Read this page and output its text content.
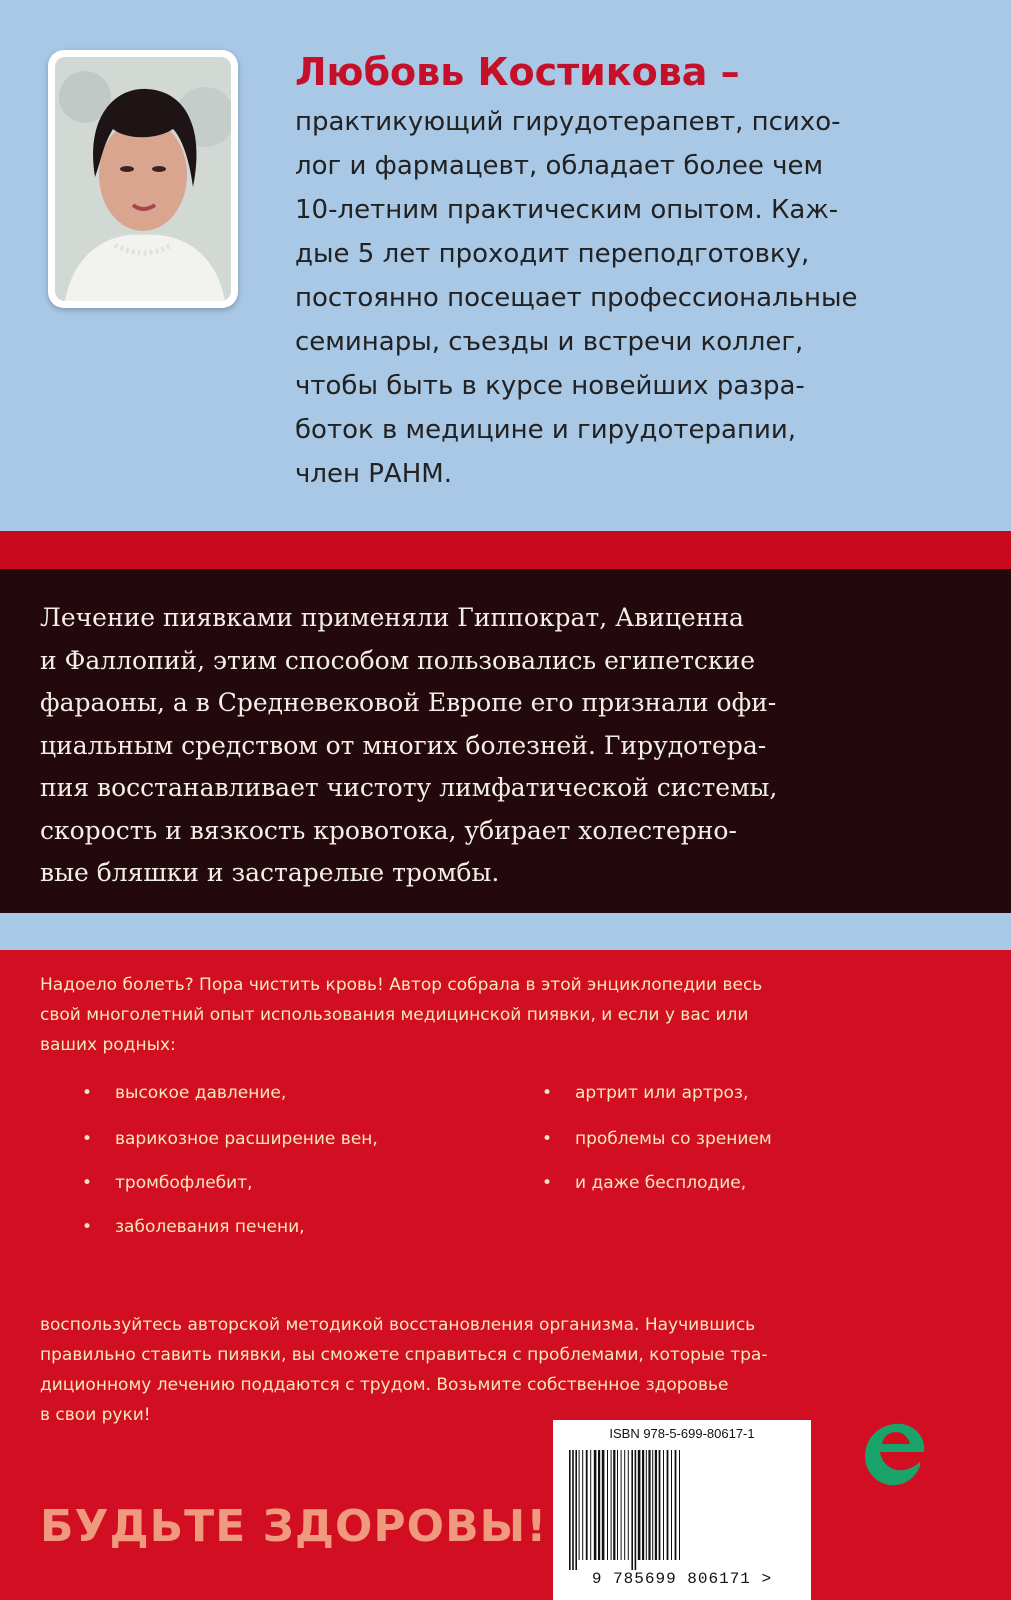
Любовь Костикова –
практикующий гирудотерапевт, психо-
лог и фармацевт, обладает более чем
10-летним практическим опытом. Каж-
дые 5 лет проходит переподготовку,
постоянно посещает профессиональные
семинары, съезды и встречи коллег,
чтобы быть в курсе новейших разра-
боток в медицине и гирудотерапии,
член РАНМ.
Лечение пиявками применяли Гиппократ, Авиценна
и Фаллопий, этим способом пользовались египетские
фараоны, а в Средневековой Европе его признали офи-
циальным средством от многих болезней. Гирудотера-
пия восстанавливает чистоту лимфатической системы,
скорость и вязкость кровотока, убирает холестерно-
вые бляшки и застарелые тромбы.
Надоело болеть? Пора чистить кровь! Автор собрала в этой энциклопедии весь
свой многолетний опыт использования медицинской пиявки, и если у вас или
ваших родных:
• высокое давление,
• варикозное расширение вен,
• тромбофлебит,
• заболевания печени,
• артрит или артроз,
• проблемы со зрением
• и даже бесплодие,
воспользуйтесь авторской методикой восстановления организма. Научившись
правильно ставить пиявки, вы сможете справиться с проблемами, которые тра-
диционному лечению поддаются с трудом. Возьмите собственное здоровье
в свои руки!
БУДЬТЕ ЗДОРОВЫ!
ISBN 978-5-699-80617-1
9 785699 806171 >
